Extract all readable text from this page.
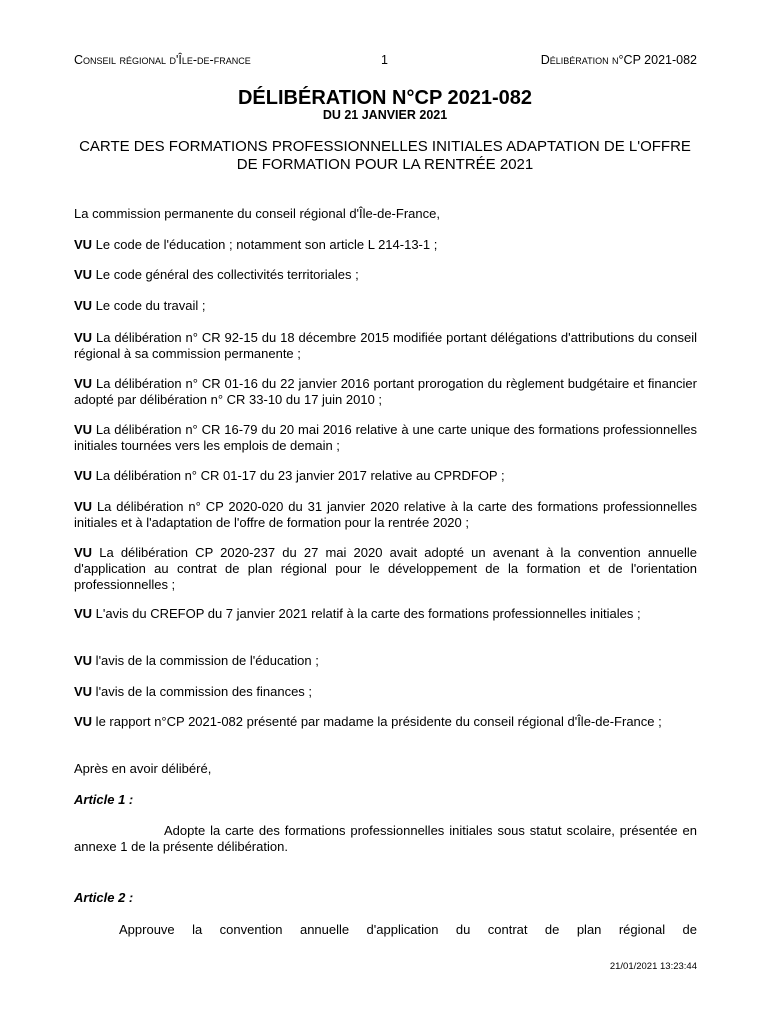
Conseil régional d'Île-de-france	1	Délibération n°CP 2021-082
DÉLIBÉRATION N°CP 2021-082
DU 21 JANVIER 2021
CARTE DES FORMATIONS PROFESSIONNELLES INITIALES ADAPTATION DE L'OFFRE DE FORMATION POUR LA RENTRÉE 2021

La commission permanente du conseil régional d'Île-de-France,

VU Le code de l'éducation ; notamment son article L 214-13-1 ;

VU Le code général des collectivités territoriales ;

VU Le code du travail ;

VU La délibération n° CR 92-15 du 18 décembre 2015 modifiée portant délégations d'attributions du conseil régional à sa commission permanente ;

VU La délibération n° CR 01-16 du 22 janvier 2016 portant prorogation du règlement budgétaire et financier adopté par délibération n° CR 33-10 du 17 juin 2010 ;

VU La délibération n° CR 16-79 du 20 mai 2016 relative à une carte unique des formations professionnelles initiales tournées vers les emplois de demain ;

VU La délibération n° CR 01-17 du 23 janvier 2017 relative au CPRDFOP ;

VU La délibération n° CP 2020-020 du 31 janvier 2020 relative à la carte des formations professionnelles initiales et à l'adaptation de l'offre de formation pour la rentrée 2020 ;

VU La délibération CP 2020-237 du 27 mai 2020 avait adopté un avenant à la convention annuelle d'application au contrat de plan régional pour le développement de la formation et de l'orientation professionnelles ;

VU L'avis du CREFOP du 7 janvier 2021 relatif à la carte des formations professionnelles initiales ;

VU l'avis de la commission de l'éducation ;

VU l'avis de la commission des finances ;

VU le rapport n°CP 2021-082 présenté par madame la présidente du conseil régional d'Île-de-France ;

Après en avoir délibéré,

Article 1 :

Adopte la carte des formations professionnelles initiales sous statut scolaire, présentée en annexe 1 de la présente délibération.

Article 2 :

Approuve la convention annuelle d'application du contrat de plan régional de

21/01/2021 13:23:44
